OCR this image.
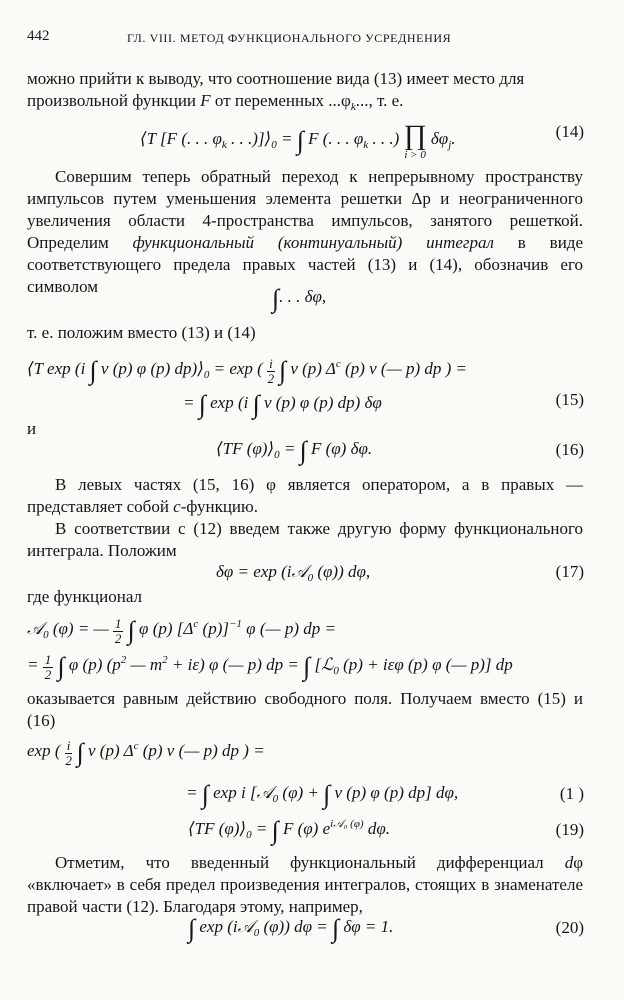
442	ГЛ. VIII. МЕТОД ФУНКЦИОНАЛЬНОГО УСРЕДНЕНИЯ
можно прийти к выводу, что соотношение вида (13) имеет место для
произвольной функции F от переменных $...\varphi_k$..., т. е.
⟨T [F (. . . $\varphi_k$ . . $.)]⟩_0$ = ∫ F (. . . $\varphi_k$ . . .) ∏
i > 0
$\delta\varphi_j$.	(14)
Совершим теперь обратный переход к непрерывному пространству импульсов путем уменьшения элемента решетки Δp и неограниченного увеличения области 4-пространства импульсов, занятого решеткой. Определим функциональный (континуальный) интеграл в виде соответствующего предела правых частей (13) и (14), обозначив его символом	∫. . . δφ,
т. е. положим вместо (13) и (14)
⟨T exp (i ∫ ν (p) φ (p) $dp)⟩_0 = \exp$ ( $\frac{i}{2}$ ∫ ν (p) $\Delta^c$ (p) ν (— p) dp ) =
= ∫ exp (i ∫ ν (p) φ (p) dp) δφ	(15)
и
⟨TF $(\varphi)⟩_0$ = ∫ F (φ) δφ.	(16)
В левых частях (15, 16) φ является оператором, а в правых — представляет собой c-функцию.
В соответствии с (12) введем также другую форму функционального интеграла. Положим
δφ = exp (i𝒜$_0$ (φ)) dφ,	(17)
где функционал
𝒜$_0$ (φ) = — $\frac{1}{2}$ ∫ φ (p) [$\Delta^c$ (p)]$^{-1}$ φ (— p) dp =
= $\frac{1}{2}$ ∫ φ (p) ($p^2$ — $m^2 + i\varepsilon$) φ (— p) dp = ∫ [ℒ$_0$ (p) + iεφ (p) φ (— p)] dp
оказывается равным действию свободного поля. Получаем вместо (15) и (16)
exp ( $\frac{i}{2}$ ∫ ν (p) $\Delta^c$ (p) ν (— p) dp ) =
= ∫ exp i [𝒜$_0$ (φ) + ∫ ν (p) φ (p) dp] dφ,	(1 )
⟨TF $(\varphi)⟩_0$ = ∫ F (φ) $e^{i𝒜_0 (\varphi)}$ dφ.	(19)
Отметим, что введенный функциональный дифференциал dφ «включает» в себя предел произведения интегралов, стоящих в знаменателе правой части (12). Благодаря этому, например,
∫ exp (i𝒜$_0$ (φ)) dφ = ∫ δφ = 1.	(20)
